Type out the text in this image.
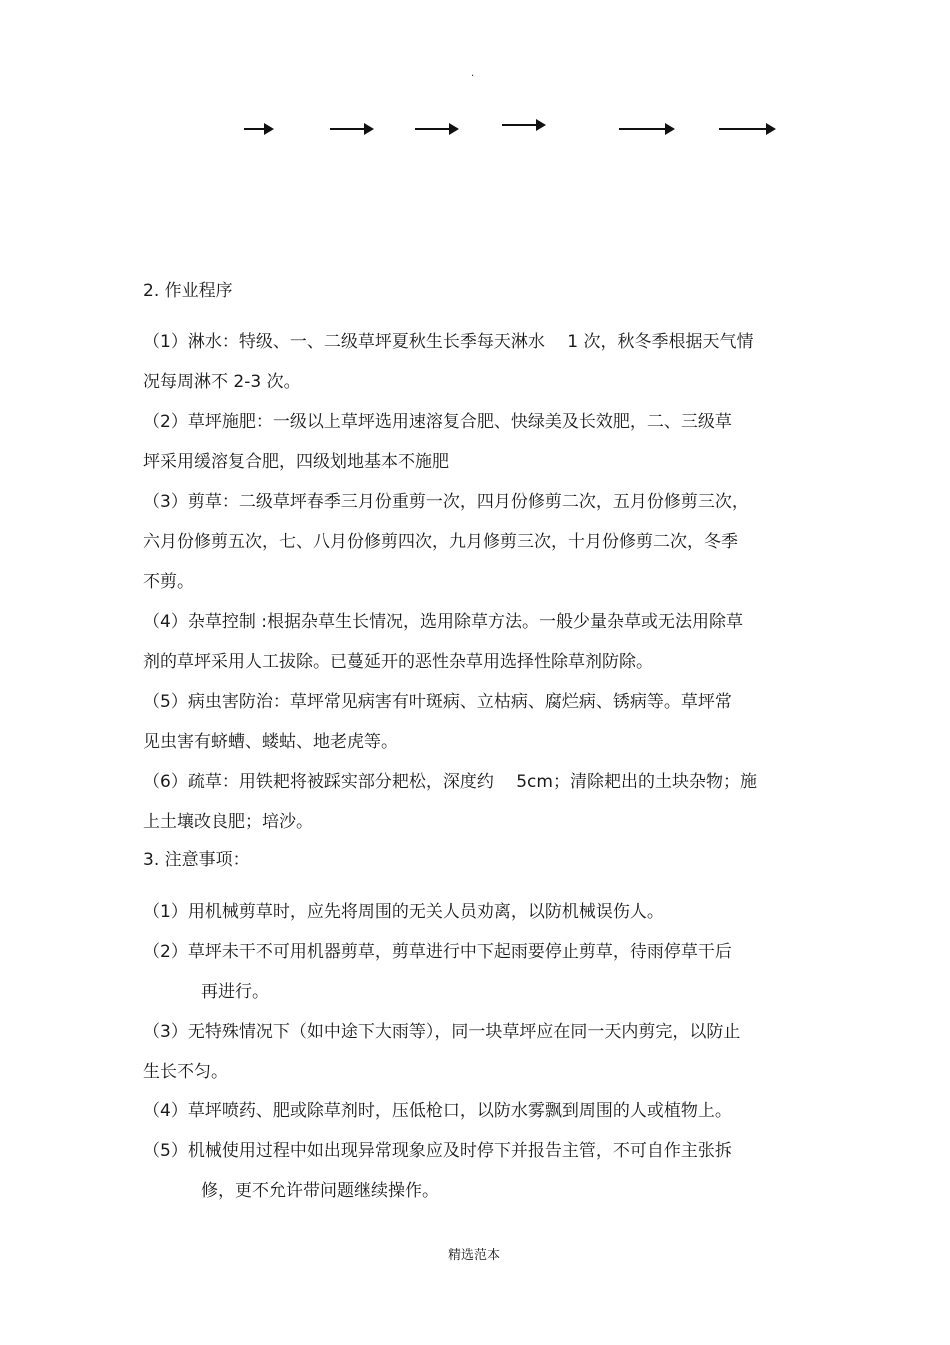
·
2. 作业程序
（1）淋水：特级、一、二级草坪夏秋生长季每天淋水 　1 次，秋冬季根据天气情
况每周淋不 2-3 次。
（2）草坪施肥：一级以上草坪选用速溶复合肥、快绿美及长效肥，二、三级草
坪采用缓溶复合肥，四级划地基本不施肥
（3）剪草：二级草坪春季三月份重剪一次，四月份修剪二次，五月份修剪三次，
六月份修剪五次，七、八月份修剪四次，九月修剪三次，十月份修剪二次，冬季
不剪。
（4）杂草控制 :根据杂草生长情况，选用除草方法。一般少量杂草或无法用除草
剂的草坪采用人工拔除。已蔓延开的恶性杂草用选择性除草剂防除。
（5）病虫害防治：草坪常见病害有叶斑病、立枯病、腐烂病、锈病等。草坪常
见虫害有蛴螬、蝼蛄、地老虎等。
（6）疏草：用铁耙将被踩实部分耙松，深度约 　5cm；清除耙出的土块杂物；施
上土壤改良肥；培沙。
3. 注意事项：
（1）用机械剪草时，应先将周围的无关人员劝离，以防机械误伤人。
（2）草坪未干不可用机器剪草，剪草进行中下起雨要停止剪草，待雨停草干后
再进行。
（3）无特殊情况下（如中途下大雨等），同一块草坪应在同一天内剪完，以防止
生长不匀。
（4）草坪喷药、肥或除草剂时，压低枪口，以防水雾飘到周围的人或植物上。
（5）机械使用过程中如出现异常现象应及时停下并报告主管，不可自作主张拆
修，更不允许带问题继续操作。
精选范本
